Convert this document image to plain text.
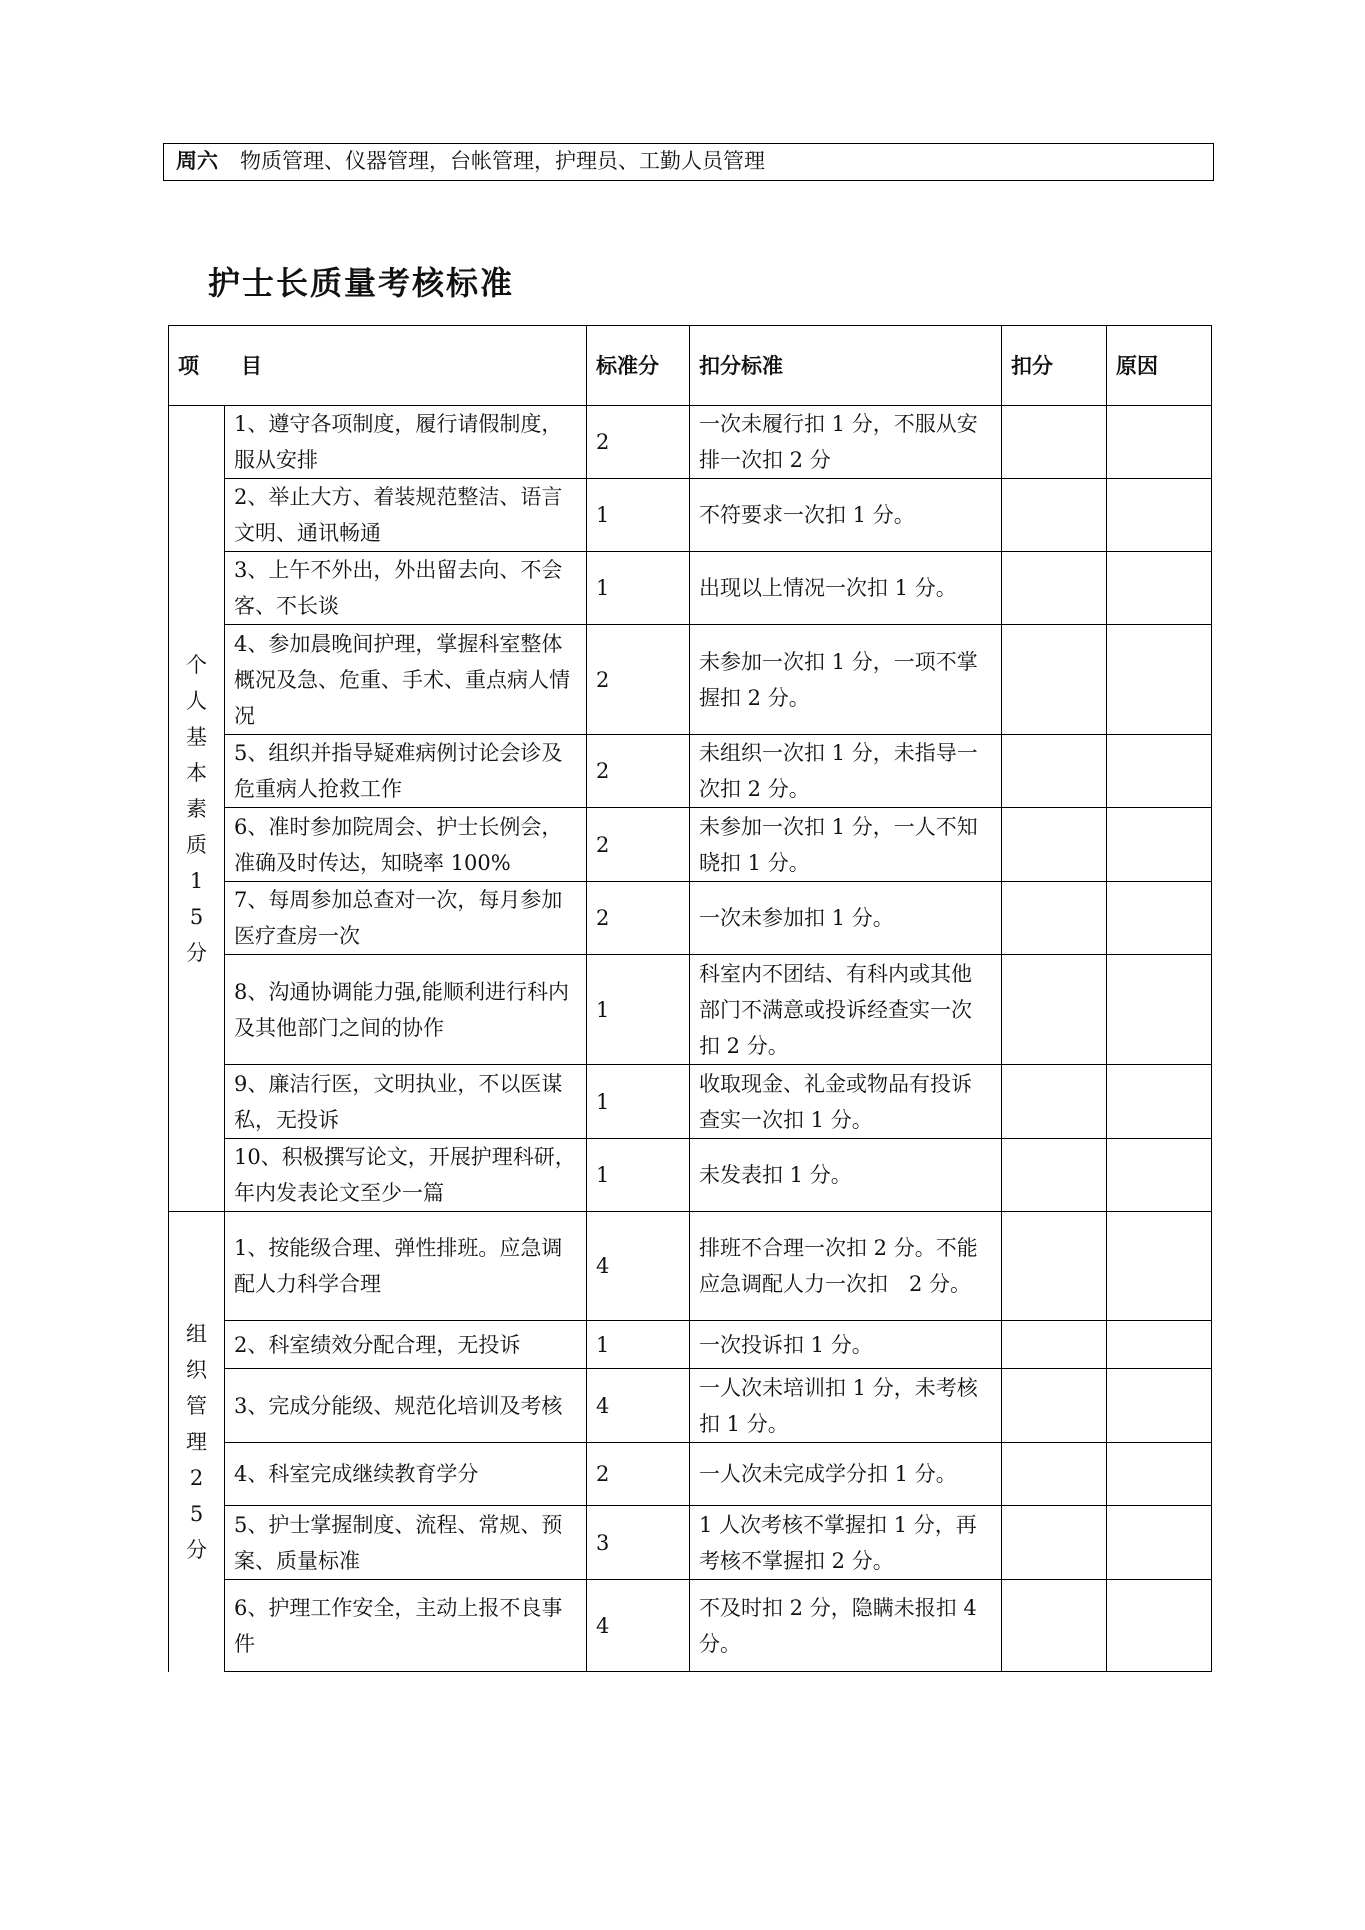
周六 物质管理、仪器管理，台帐管理，护理员、工勤人员管理
护士长质量考核标准
项　　目		标准分	扣分标准	扣分	原因
个人基本素质15分	1、遵守各项制度，履行请假制度，服从安排	2	一次未履行扣 1 分，不服从安排一次扣 2 分		
	2、举止大方、着装规范整洁、语言文明、通讯畅通	1	不符要求一次扣 1 分。		
	3、上午不外出，外出留去向、不会客、不长谈	1	出现以上情况一次扣 1 分。		
	4、参加晨晚间护理，掌握科室整体概况及急、危重、手术、重点病人情况	2	未参加一次扣 1 分，一项不掌握扣 2 分。		
	5、组织并指导疑难病例讨论会诊及危重病人抢救工作	2	未组织一次扣 1 分，未指导一次扣 2 分。		
	6、准时参加院周会、护士长例会，准确及时传达，知晓率 100%	2	未参加一次扣 1 分，一人不知晓扣 1 分。		
	7、每周参加总查对一次，每月参加医疗查房一次	2	一次未参加扣 1 分。		
	8、沟通协调能力强,能顺利进行科内及其他部门之间的协作	1	科室内不团结、有科内或其他部门不满意或投诉经查实一次扣 2 分。		
	9、廉洁行医，文明执业，不以医谋私，无投诉	1	收取现金、礼金或物品有投诉查实一次扣 1 分。		
	10、积极撰写论文，开展护理科研，年内发表论文至少一篇	1	未发表扣 1 分。		
组织管理25分	1、按能级合理、弹性排班。应急调配人力科学合理	4	排班不合理一次扣 2 分。不能应急调配人力一次扣　2 分。		
	2、科室绩效分配合理，无投诉	1	一次投诉扣 1 分。		
	3、完成分能级、规范化培训及考核	4	一人次未培训扣 1 分，未考核扣 1 分。		
	4、科室完成继续教育学分	2	一人次未完成学分扣 1 分。		
	5、护士掌握制度、流程、常规、预案、质量标准	3	1 人次考核不掌握扣 1 分，再考核不掌握扣 2 分。		
	6、护理工作安全，主动上报不良事件	4	不及时扣 2 分，隐瞒未报扣 4 分。		
